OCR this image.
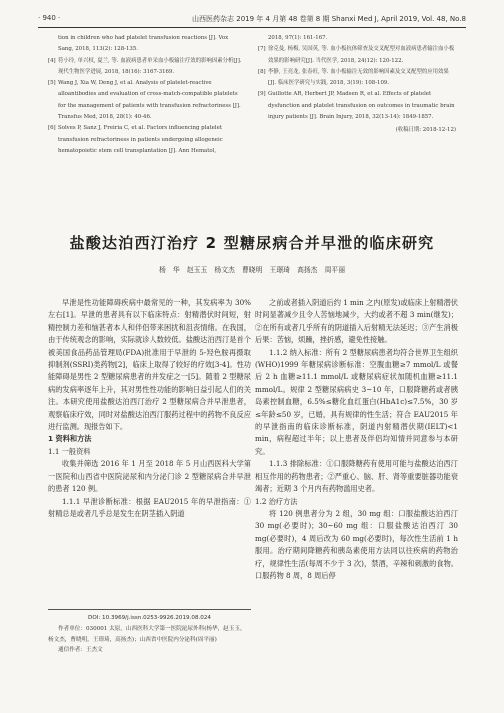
· 940 ·	山西医药杂志 2019 年 4 月第 48 卷第 8 期 Shanxi Med J, April 2019, Vol. 48, No.8
tion in children who had platelet transfusion reactions [J]. Vox Sang, 2018, 113(2): 128-135.
[4] 符小玲, 单兴权, 夏兰, 等. 血液病患者单采血小板输注疗效的影响因素分析[J]. 现代生物医学进展, 2018, 18(16): 3167-3169.
[5] Wang J, Xia W, Deng J, et al. Analysis of platelet-reactive alloantibodies and evaluation of cross-match-compatible platelets for the management of patients with transfusion refractoriness [J]. Transfus Med, 2018, 28(1): 40-46.
[6] Solves P, Sanz J, Freiria C, et al. Factors influencing platelet transfusion refractoriness in patients undergoing allogeneic hematopoietic stem cell transplantation [J]. Ann Hematol,
2018, 97(1): 161-167.
[7] 徐克曼, 杨梅, 吴国英, 等. 血小板抗体筛查及交叉配型对血液病患者输注血小板效果的影响研究[J]. 当代医学, 2018, 24(12): 120-122.
[8] 李静, 王亮龙, 张春旺, 等. 血小板输注无效的影响因素及交叉配型的应用效果[J]. 临床医学研究与实践, 2018, 3(19): 108-109.
[9] Guillotte AR, Herbert JP, Madsen R, et al. Effects of platelet dysfunction and platelet transfusion on outcomes in traumatic brain injury patients [J]. Brain Injury, 2018, 32(13-14): 1849-1857.
(收稿日期: 2018-12-12)
盐酸达泊西汀治疗 2 型糖尿病合并早泄的临床研究
杨 华 赵玉玉 杨文杰 曹晓明 王璟琦 高扬杰 周平丽

早泄是性功能障碍疾病中最常见的一种，其发病率为 30% 左右[1]。早泄的患者具有以下临床特点：射精潜伏时间短，射精控制力差和恼甚者本人和伴侣带来困扰和沮丧情绪。在我国，由于传统观念的影响，实际就诊人数较低。盐酸达泊西汀是首个被美国食品药品管理局(FDA)批准用于早泄的 5-羟色胺再摄取抑制剂(SSRI)类药物[2]，临床上取得了较好的疗效[3-4]。性功能障碍是男性 2 型糖尿病患者的并发症之一[5]。随着 2 型糖尿病的发病率逐年上升，其对男性性功能的影响日益引起人们的关注。本研究使用盐酸达泊西汀治疗 2 型糖尿病合并早泄患者，观察临床疗效，同时对盐酸达泊西汀服药过程中的药物不良反应进行监测。现报告如下。

1 资料和方法

1.1 一般资料

收集并筛选 2016 年 1 月至 2018 年 5 月山西医科大学第一医院和山西省中医院泌尿和内分泌门诊 2 型糖尿病合并早泄的患者 120 例。

1.1.1 早泄诊断标准：根据 EAU2015 年的早泄指南：①射精总是或者几乎总是发生在阴茎插入阴道

之前或者插入阴道后约 1 min 之内(原发)或临床上射精潜伏时间显著减少且令人苦恼地减少，大约或者不超 3 min(继发)；②在所有或者几乎所有的阴道插入后射精无法延迟；③产生消极后果：苦恼，烦躁，挫折感，避免性接触。

1.1.2 纳入标准：所有 2 型糖尿病患者均符合世界卫生组织(WHO)1999 年糖尿病诊断标准：空腹血糖≥7 mmol/L 或餐后 2 h 血糖≥11.1 mmol/L 或糖尿病症状加随机血糖≥11.1 mmol/L。规律 2 型糖尿病病史 3~10 年，口服降糖药或者胰岛素控制血糖，6.5%≤糖化血红蛋白(HbA1c)≤7.5%，30 岁≤年龄≤50 岁，已婚，具有规律的性生活；符合 EAU2015 年的早泄指南的临床诊断标准，阴道内射精潜伏期(IELT)<1 min，病程超过半年；以上患者及伴侣均知情并同意参与本研究。

1.1.3 排除标准：①口服降糖药有使用可能与盐酸达泊西汀相互作用的药物患者；②严重心、脑、肝、肾等重要脏器功能衰竭者；近期 3 个月内有药物滥用史者。

1.2 治疗方法

将 120 例患者分为 2 组，30 mg 组：口服盐酸达泊西汀 30 mg(必要时)；30~60 mg 组：口服盐酸达泊西汀 30 mg(必要时)，4 周后改为 60 mg(必要时)，每次性生活前 1 h 服用。治疗期间降糖药和胰岛素使用方法同以往疾病的药物治疗，规律性生活(每周不少于 3 次)，禁酒，辛辣和刺激的食物。口服药物 8 周，8 周后停

DOI: 10.3969/j.issn.0253-9926.2019.08.024

作者单位：030001 太原，山西医科大学第一医院泌尿外科(杨华，赵玉玉，杨文杰，曹晓明，王璟琦，高扬杰)；山西省中医院内分泌科(周平丽)

通信作者：王杰文
